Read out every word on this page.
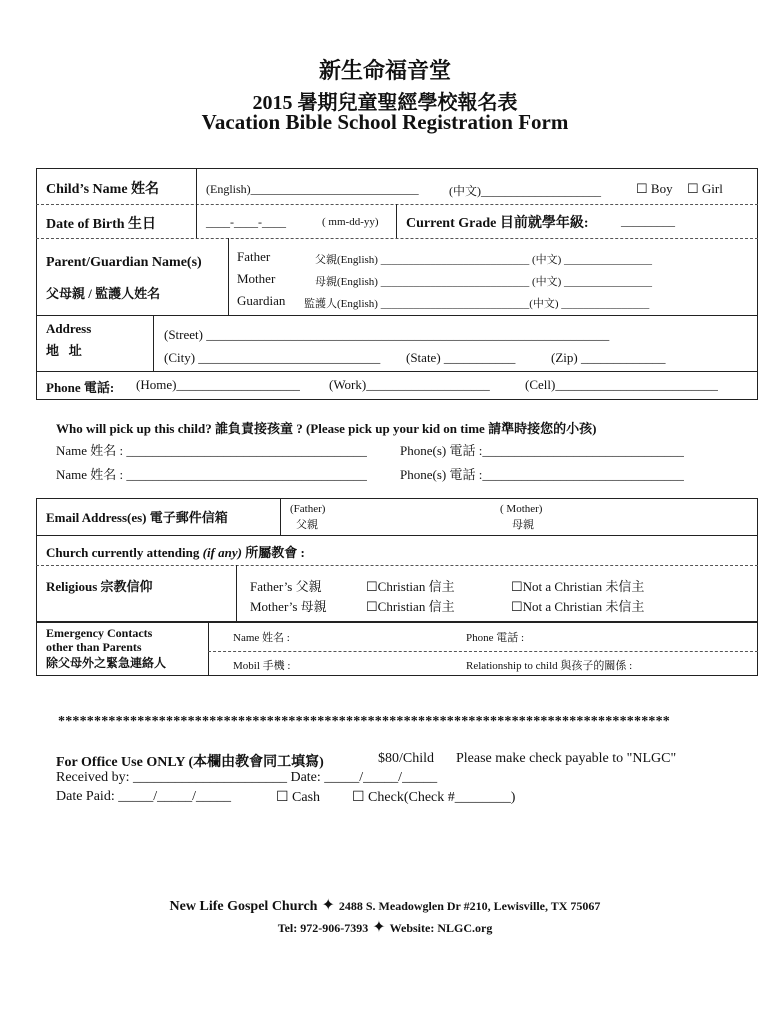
新生命福音堂
2015 暑期兒童聖經學校報名表
Vacation Bible School Registration Form
Child’s Name 姓名	(English)____________________________	(中文)____________________	☐ Boy ☐ Girl
Date of Birth 生日	____-____-____	( mm-dd-yy) Current Grade 目前就學年級:	_________
Parent/Guardian Name(s)
父母親 / 監護人姓名
Father	父親(English) ___________________________ (中文) ________________
Mother	母親(English) ___________________________ (中文) ________________
Guardian 監護人(English) ___________________________(中文) ________________
Address
地   址
(Street) ______________________________________________________________
(City) ____________________________ (State) ___________	(Zip) _____________
Phone 電話: (Home)___________________ (Work)___________________	(Cell)_________________________
Who will pick up this child? 誰負責接孩童 ? (Please pick up your kid on time 請準時接您的小孩)
Name 姓名 : _____________________________________	Phone(s) 電話 :_______________________________
Name 姓名 : _____________________________________	Phone(s) 電話 :_______________________________
Email Address(es) 電子郵件信箱
(Father)
父親
( Mother)
母親
Church currently attending (if any) 所屬教會 :
Religious 宗教信仰	Father’s 父親	☐Christian 信主	☐Not a Christian 未信主
Mother’s 母親	☐Christian 信主	☐Not a Christian 未信主
Emergency Contacts
other than Parents
除父母外之緊急連絡人
Name 姓名 :	Phone 電話 :
Mobil 手機 :	Relationship to child 與孩子的關係 :
*************************************************************************************
For Office Use ONLY (本欄由教會同工填寫)	$80/Child Please make check payable to "NLGC"
Received by: ______________________ Date: _____/_____/_____
Date Paid: _____/_____/_____	☐ Cash ☐ Check(Check #________)
New Life Gospel Church ✦ 2488 S. Meadowglen Dr #210, Lewisville, TX 75067
Tel: 972-906-7393 ✦ Website: NLGC.org
